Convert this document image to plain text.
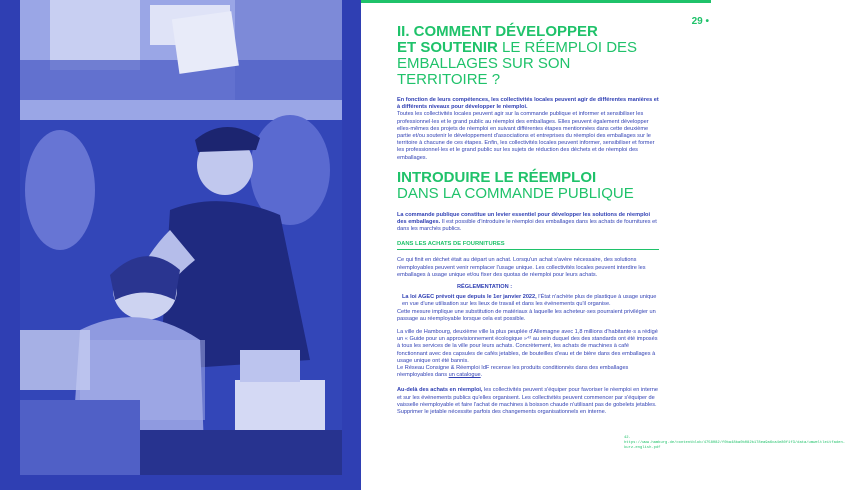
29 •
II. COMMENT DÉVELOPPER
ET SOUTENIR LE RÉEMPLOI DES EMBALLAGES SUR SON TERRITOIRE ?

En fonction de leurs compétences, les collectivités locales peuvent agir de différentes manières et à différents niveaux pour développer le réemploi.

Toutes les collectivités locales peuvent agir sur la commande publique et informer et sensibiliser les professionnel·les et le grand public au réemploi des emballages. Elles peuvent également développer elles-mêmes des projets de réemploi en suivant différentes étapes mentionnées dans cette deuxième partie et/ou soutenir le développement d'associations et entreprises du réemploi des emballages sur le territoire à chacune de ces étapes. Enfin, les collectivités locales peuvent informer, sensibiliser et former les professionnel·les et le grand public sur les sujets de réduction des déchets et de réemploi des emballages.

INTRODUIRE LE RÉEMPLOI
DANS LA COMMANDE PUBLIQUE

La commande publique constitue un levier essentiel pour développer les solutions de réemploi des emballages. Il est possible d'introduire le réemploi des emballages dans les achats de fournitures et dans les marchés publics.

DANS LES ACHATS DE FOURNITURES

Ce qui finit en déchet était au départ un achat. Lorsqu'un achat s'avère nécessaire, des solutions réemployables peuvent venir remplacer l'usage unique. Les collectivités locales peuvent interdire les emballages à usage unique et/ou fixer des quotas de réemploi pour leurs achats.

RÉGLEMENTATION :

La loi AGEC prévoit que depuis le 1er janvier 2022, l'État n'achète plus de plastique à usage unique en vue d'une utilisation sur les lieux de travail et dans les événements qu'il organise.

Cette mesure implique une substitution de matériaux à laquelle les acheteur·ses pourraient privilégier un passage au réemployable lorsque cela est possible.

La ville de Hambourg, deuxième ville la plus peuplée d'Allemagne avec 1,8 millions d'habitante·s a rédigé un « Guide pour un approvisionnement écologique »⁴² au sein duquel des des standards ont été imposés à tous les services de la ville pour leurs achats. Concrètement, les achats de machines à café fonctionnant avec des capsules de cafés jetables, de bouteilles d'eau et de bière dans des emballages à usage unique ont été bannis.

Le Réseau Consigne & Réemploi IdF recense les produits conditionnés dans des emballages réemployables dans un catalogue.

Au-delà des achats en réemploi, les collectivités peuvent s'équiper pour favoriser le réemploi en interne et sur les événements publics qu'elles organisent. Les collectivités peuvent commencer par s'équiper de vaisselle réemployable et faire l'achat de machines à boisson chaude n'utilisant pas de gobelets jetables.

Supprimer le jetable nécessite parfois des changements organisationnels en interne.

42. https://www.hamburg.de/contentblob/4758082/f0ba48ba0b082b178ea9a6ca4e80f1f3/data/umweltleitfaden-kurz-english.pdf
